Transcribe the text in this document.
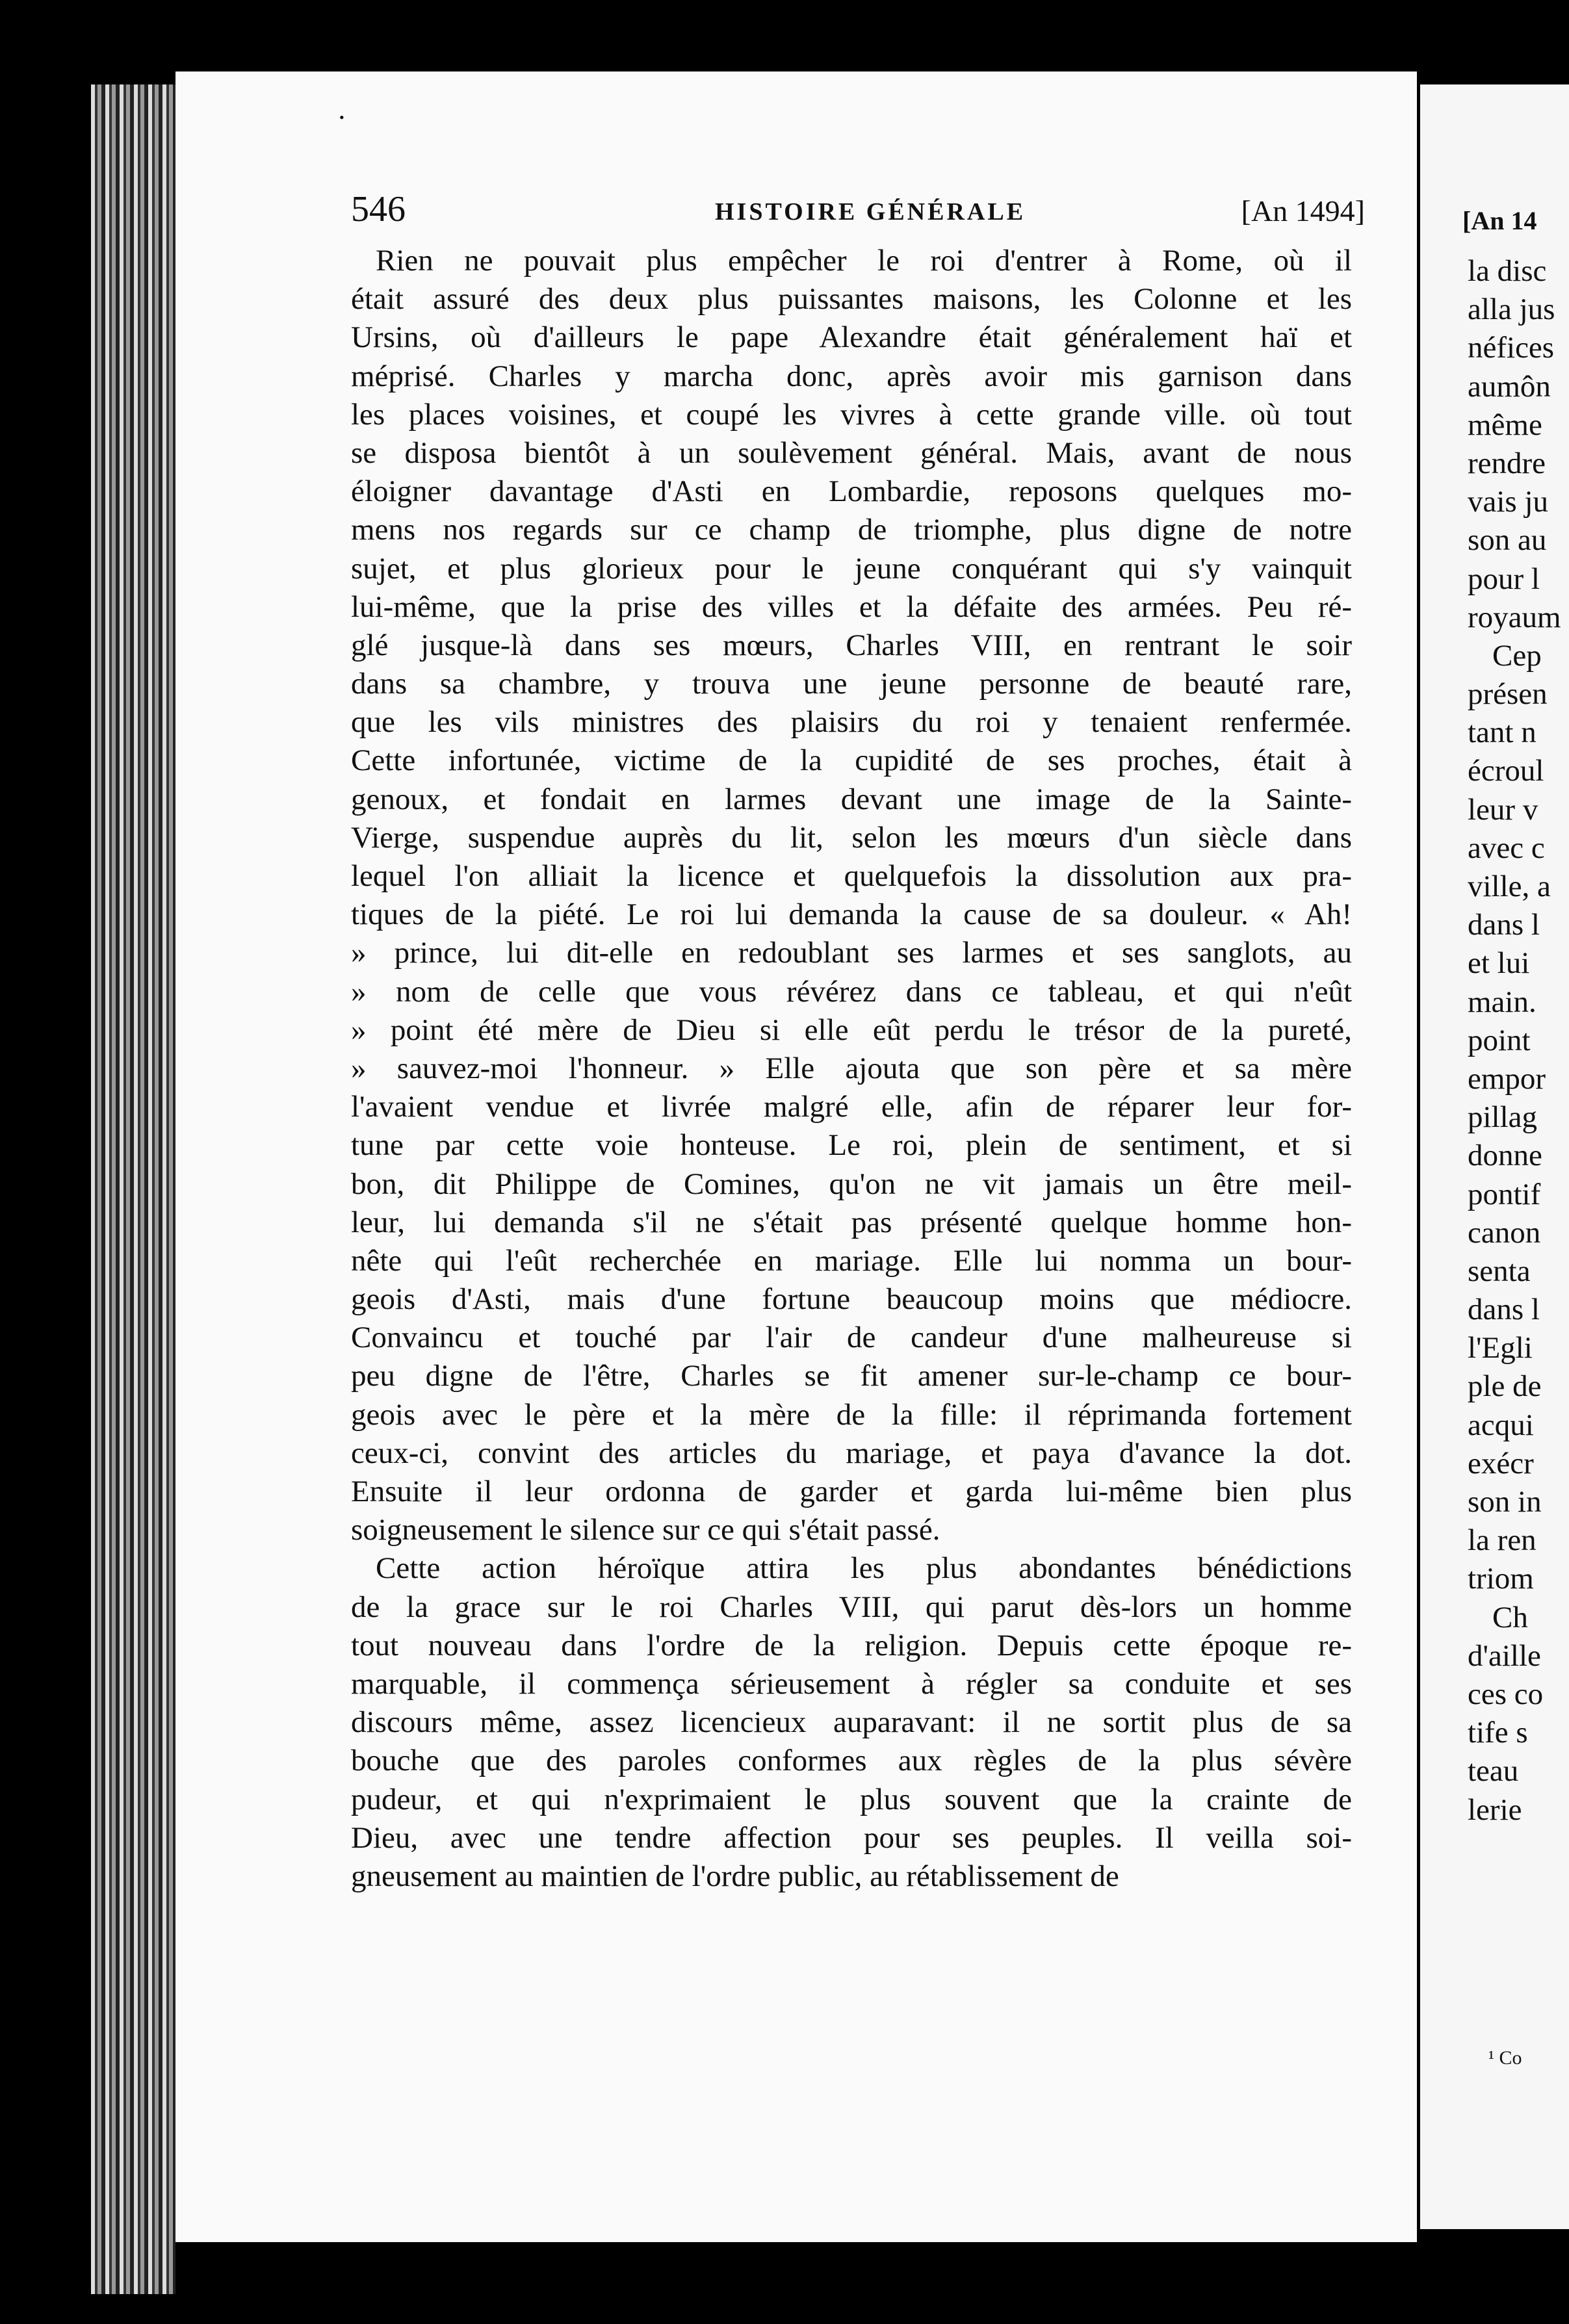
•
546	HISTOIRE GÉNÉRALE	[An 1494]
Rien ne pouvait plus empêcher le roi d'entrer à Rome, où il
était assuré des deux plus puissantes maisons, les Colonne et les
Ursins, où d'ailleurs le pape Alexandre était généralement haï et
méprisé. Charles y marcha donc, après avoir mis garnison dans
les places voisines, et coupé les vivres à cette grande ville. où tout
se disposa bientôt à un soulèvement général. Mais, avant de nous
éloigner davantage d'Asti en Lombardie, reposons quelques mo-
mens nos regards sur ce champ de triomphe, plus digne de notre
sujet, et plus glorieux pour le jeune conquérant qui s'y vainquit
lui-même, que la prise des villes et la défaite des armées. Peu ré-
glé jusque-là dans ses mœurs, Charles VIII, en rentrant le soir
dans sa chambre, y trouva une jeune personne de beauté rare,
que les vils ministres des plaisirs du roi y tenaient renfermée.
Cette infortunée, victime de la cupidité de ses proches, était à
genoux, et fondait en larmes devant une image de la Sainte-
Vierge, suspendue auprès du lit, selon les mœurs d'un siècle dans
lequel l'on alliait la licence et quelquefois la dissolution aux pra-
tiques de la piété. Le roi lui demanda la cause de sa douleur. « Ah!
» prince, lui dit-elle en redoublant ses larmes et ses sanglots, au
» nom de celle que vous révérez dans ce tableau, et qui n'eût
» point été mère de Dieu si elle eût perdu le trésor de la pureté,
» sauvez-moi l'honneur. » Elle ajouta que son père et sa mère
l'avaient vendue et livrée malgré elle, afin de réparer leur for-
tune par cette voie honteuse. Le roi, plein de sentiment, et si
bon, dit Philippe de Comines, qu'on ne vit jamais un être meil-
leur, lui demanda s'il ne s'était pas présenté quelque homme hon-
nête qui l'eût recherchée en mariage. Elle lui nomma un bour-
geois d'Asti, mais d'une fortune beaucoup moins que médiocre.
Convaincu et touché par l'air de candeur d'une malheureuse si
peu digne de l'être, Charles se fit amener sur-le-champ ce bour-
geois avec le père et la mère de la fille: il réprimanda fortement
ceux-ci, convint des articles du mariage, et paya d'avance la dot.
Ensuite il leur ordonna de garder et garda lui-même bien plus
soigneusement le silence sur ce qui s'était passé.
Cette action héroïque attira les plus abondantes bénédictions
de la grace sur le roi Charles VIII, qui parut dès-lors un homme
tout nouveau dans l'ordre de la religion. Depuis cette époque re-
marquable, il commença sérieusement à régler sa conduite et ses
discours même, assez licencieux auparavant: il ne sortit plus de sa
bouche que des paroles conformes aux règles de la plus sévère
pudeur, et qui n'exprimaient le plus souvent que la crainte de
Dieu, avec une tendre affection pour ses peuples. Il veilla soi-
gneusement au maintien de l'ordre public, au rétablissement de
[An 14
la disc
alla jus
néfices
aumôn
même
rendre
vais ju
son au
pour l
royaum
Cep
présen
tant n
écroul
leur v
avec c
ville, a
dans l
et lui
main.
point
empor
pillag
donne
pontif
canon
senta
dans l
l'Egli
ple de
acqui
exécr
son in
la ren
triom
Ch
d'aille
ces co
tife s
teau
lerie
¹ Co
